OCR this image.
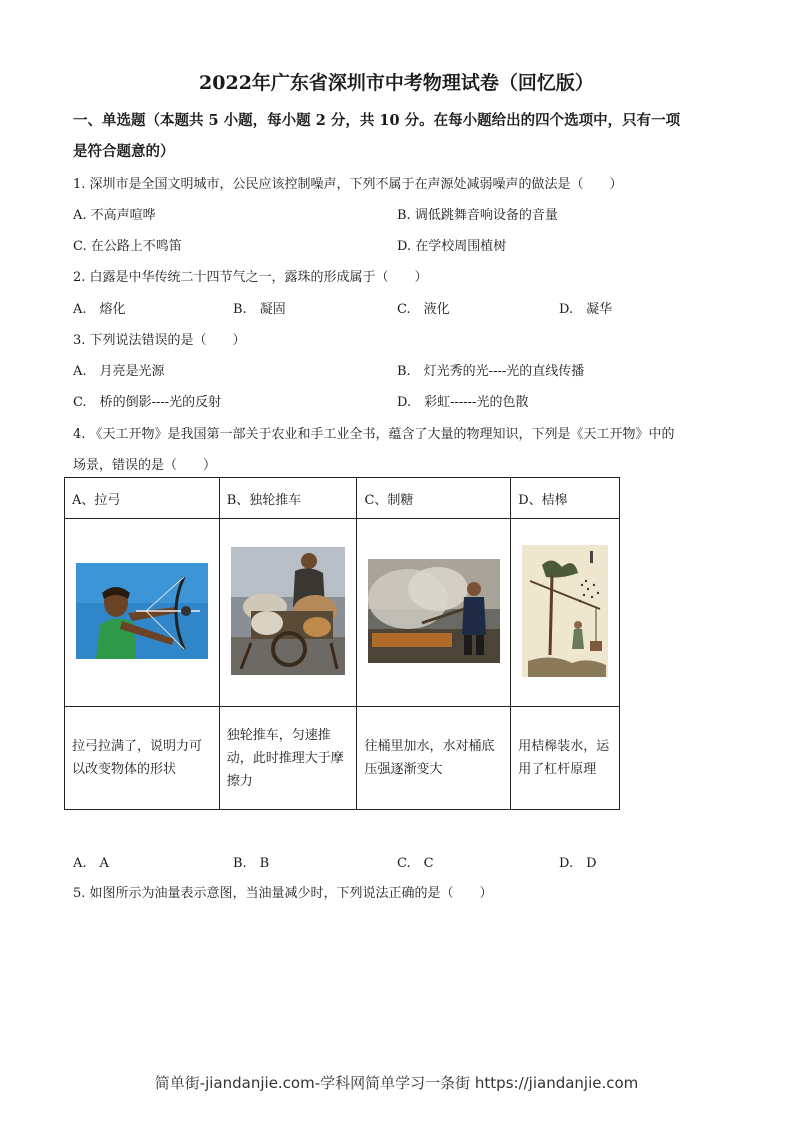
2022年广东省深圳市中考物理试卷（回忆版）
一、单选题（本题共 5 小题，每小题 2 分，共 10 分。在每小题给出的四个选项中，只有一项
是符合题意的）
1. 深圳市是全国文明城市，公民应该控制噪声，下列不属于在声源处减弱噪声的做法是（　　）
A. 不高声喧哗	B. 调低跳舞音响设备的音量
C. 在公路上不鸣笛	D. 在学校周围植树
2. 白露是中华传统二十四节气之一，露珠的形成属于（　　）
A.　熔化	B.　凝固	C.　液化	D.　凝华
3. 下列说法错误的是（　　）
A.　月亮是光源	B.　灯光秀的光----光的直线传播
C.　桥的倒影----光的反射	D.　彩虹------光的色散
4. 《天工开物》是我国第一部关于农业和手工业全书，蕴含了大量的物理知识，下列是《天工开物》中的
场景，错误的是（　　）
A、拉弓	B、独轮推车	C、制糖	D、桔槔

拉弓拉满了，说明力可以改变物体的形状	独轮推车，匀速推动，此时推理大于摩擦力	往桶里加水，水对桶底压强逐渐变大	用桔槔装水，运用了杠杆原理
A.　A	B.　B	C.　C	D.　D
5. 如图所示为油量表示意图，当油量减少时，下列说法正确的是（　　）
简单街-jiandanjie.com-学科网简单学习一条街 https://jiandanjie.com
